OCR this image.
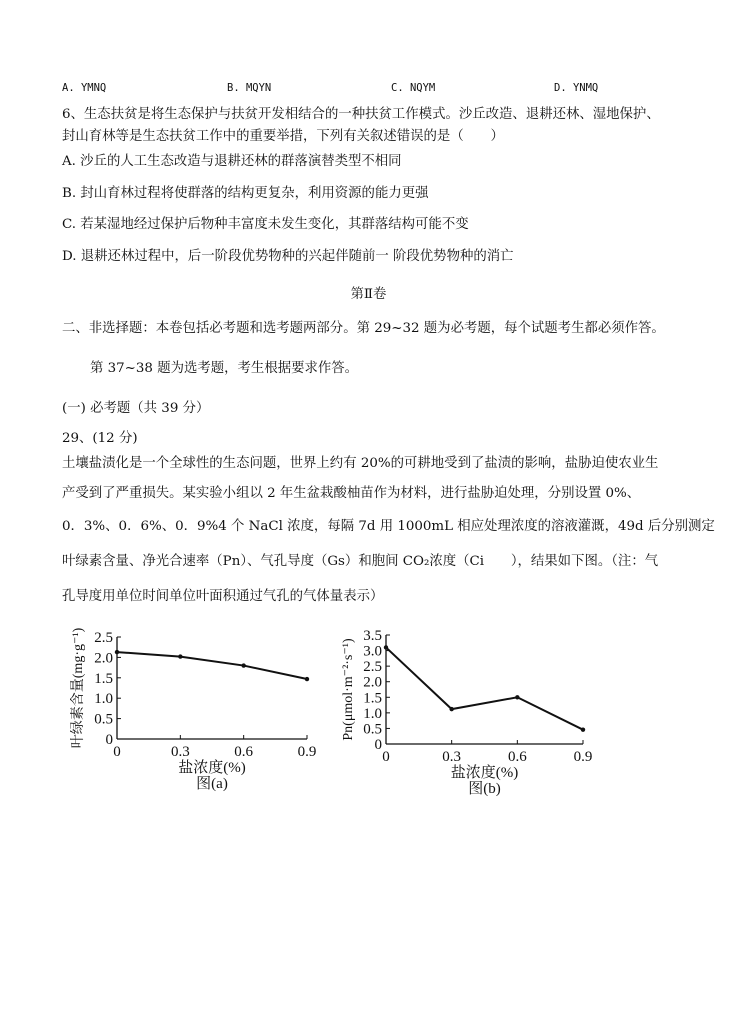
A. YMNQ	B. MQYN	C. NQYM	D. YNMQ
6、生态扶贫是将生态保护与扶贫开发相结合的一种扶贫工作模式。沙丘改造、退耕还林、湿地保护、
封山育林等是生态扶贫工作中的重要举措，下列有关叙述错误的是（　　）
A. 沙丘的人工生态改造与退耕还林的群落演替类型不相同
B. 封山育林过程将使群落的结构更复杂，利用资源的能力更强
C. 若某湿地经过保护后物种丰富度未发生变化，其群落结构可能不变
D. 退耕还林过程中，后一阶段优势物种的兴起伴随前一 阶段优势物种的消亡
第Ⅱ卷
二、非选择题：本卷包括必考题和选考题两部分。第 29~32 题为必考题，每个试题考生都必须作答。
第 37~38 题为选考题，考生根据要求作答。
(一) 必考题（共 39 分）
29、(12 分)
土壤盐渍化是一个全球性的生态问题，世界上约有 20%的可耕地受到了盐渍的影响，盐胁迫使农业生
产受到了严重损失。某实验小组以 2 年生盆栽酸柚苗作为材料，进行盐胁迫处理，分别设置 0%、
0．3%、0．6%、0．9%4 个 NaCl 浓度，每隔 7d 用 1000mL 相应处理浓度的溶液灌溉，49d 后分别测定
叶绿素含量、净光合速率（Pn）、气孔导度（Gs）和胞间 CO₂浓度（Ci　　），结果如下图。（注：气
孔导度用单位时间单位叶面积通过气孔的气体量表示）
0
0.5
1.0
1.5
2.0
2.5
0	0.3	0.6	0.9
盐浓度(%)
图(a)
叶绿素含量(mg·g⁻¹)	0
0.5
1.0
1.5
2.0
2.5
3.0
3.5
0	0.3	0.6	0.9
盐浓度(%)
图(b)
Pn(μmol·m⁻²·s⁻¹)
